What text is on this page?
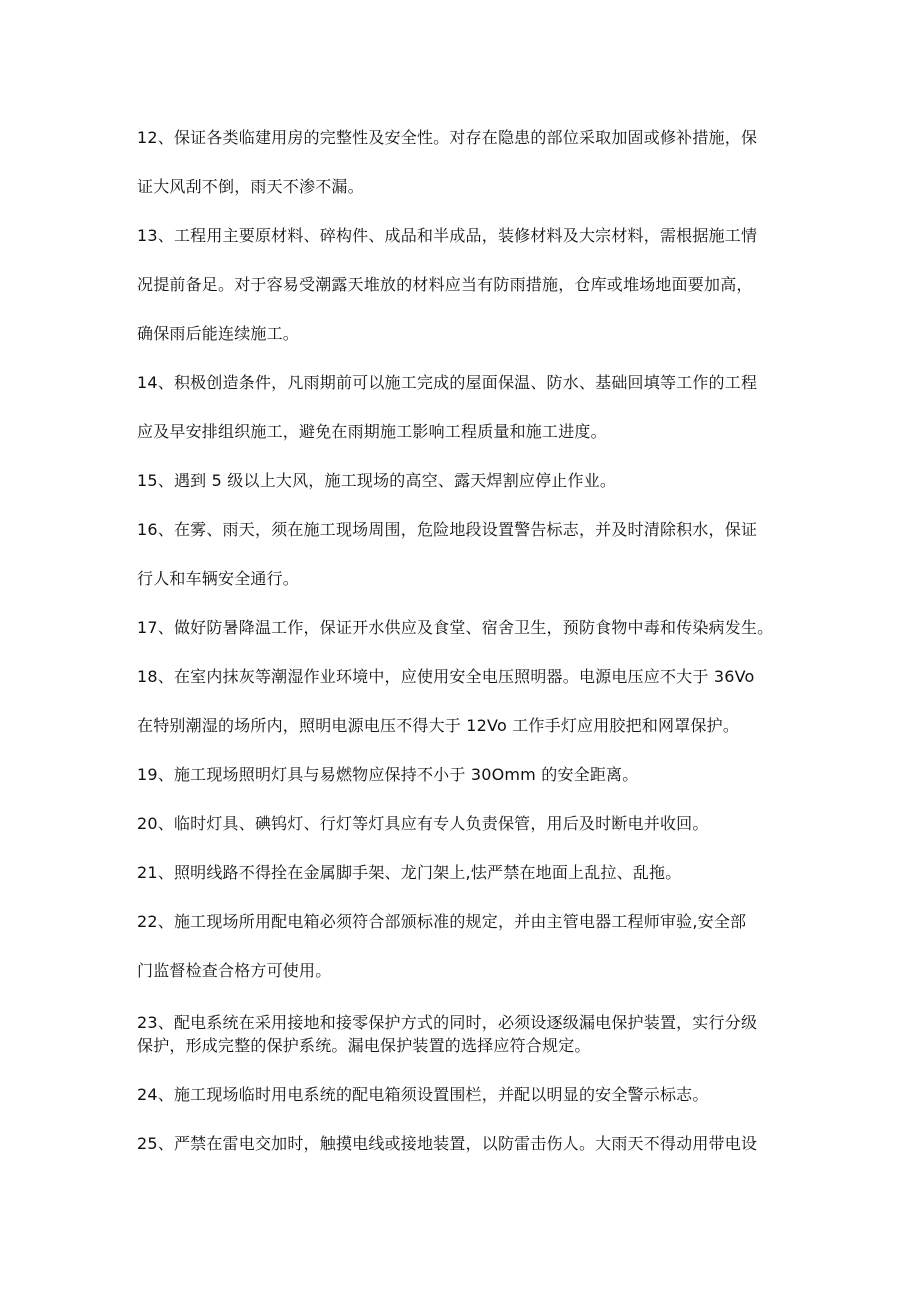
12、保证各类临建用房的完整性及安全性。对存在隐患的部位采取加固或修补措施，保
证大风刮不倒，雨天不渗不漏。
13、工程用主要原材料、碎构件、成品和半成品，装修材料及大宗材料，需根据施工情
况提前备足。对于容易受潮露天堆放的材料应当有防雨措施，仓库或堆场地面要加高，
确保雨后能连续施工。
14、积极创造条件，凡雨期前可以施工完成的屋面保温、防水、基础回填等工作的工程
应及早安排组织施工，避免在雨期施工影响工程质量和施工进度。
15、遇到 5 级以上大风，施工现场的高空、露天焊割应停止作业。
16、在雾、雨天，须在施工现场周围，危险地段设置警告标志，并及时清除积水，保证
行人和车辆安全通行。
17、做好防暑降温工作，保证开水供应及食堂、宿舍卫生，预防食物中毒和传染病发生。
18、在室内抹灰等潮湿作业环境中，应使用安全电压照明器。电源电压应不大于 36Vo
在特别潮湿的场所内，照明电源电压不得大于 12Vo 工作手灯应用胶把和网罩保护。
19、施工现场照明灯具与易燃物应保持不小于 30Omm 的安全距离。
20、临时灯具、碘钨灯、行灯等灯具应有专人负责保管，用后及时断电并收回。
21、照明线路不得拴在金属脚手架、龙门架上,怯严禁在地面上乱拉、乱拖。
22、施工现场所用配电箱必须符合部颁标准的规定，并由主管电器工程师审验,安全部
门监督检查合格方可使用。
23、配电系统在采用接地和接零保护方式的同时，必须设逐级漏电保护装置，实行分级
保护，形成完整的保护系统。漏电保护装置的选择应符合规定。
24、施工现场临时用电系统的配电箱须设置围栏，并配以明显的安全警示标志。
25、严禁在雷电交加时，触摸电线或接地装置，以防雷击伤人。大雨天不得动用带电设
